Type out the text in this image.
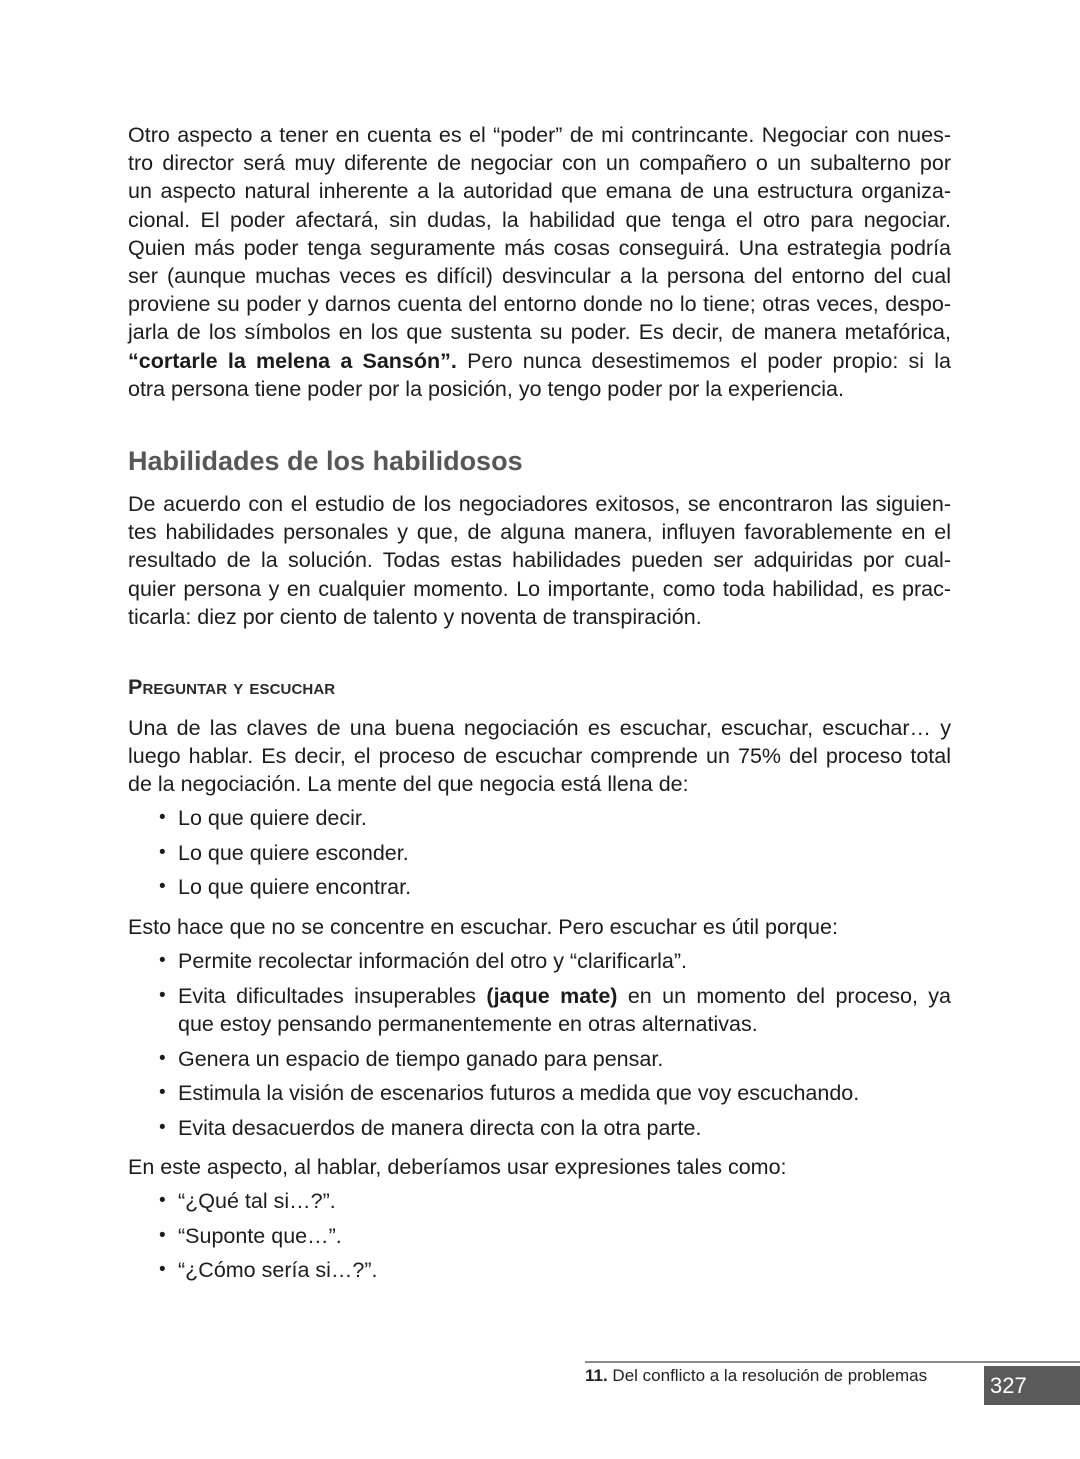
Otro aspecto a tener en cuenta es el “poder” de mi contrincante. Negociar con nues-
tro director será muy diferente de negociar con un compañero o un subalterno por
un aspecto natural inherente a la autoridad que emana de una estructura organiza-
cional. El poder afectará, sin dudas, la habilidad que tenga el otro para negociar.
Quien más poder tenga seguramente más cosas conseguirá. Una estrategia podría
ser (aunque muchas veces es difícil) desvincular a la persona del entorno del cual
proviene su poder y darnos cuenta del entorno donde no lo tiene; otras veces, despo-
jarla de los símbolos en los que sustenta su poder. Es decir, de manera metafórica,
“cortarle la melena a Sansón”. Pero nunca desestimemos el poder propio: si la
otra persona tiene poder por la posición, yo tengo poder por la experiencia.

Habilidades de los habilidosos

De acuerdo con el estudio de los negociadores exitosos, se encontraron las siguien-
tes habilidades personales y que, de alguna manera, influyen favorablemente en el
resultado de la solución. Todas estas habilidades pueden ser adquiridas por cual-
quier persona y en cualquier momento. Lo importante, como toda habilidad, es prac-
ticarla: diez por ciento de talento y noventa de transpiración.

Preguntar y escuchar

Una de las claves de una buena negociación es escuchar, escuchar, escuchar… y
luego hablar. Es decir, el proceso de escuchar comprende un 75% del proceso total
de la negociación. La mente del que negocia está llena de:

• Lo que quiere decir.
• Lo que quiere esconder.
• Lo que quiere encontrar.

Esto hace que no se concentre en escuchar. Pero escuchar es útil porque:

• Permite recolectar información del otro y “clarificarla”.
• Evita dificultades insuperables (jaque mate) en un momento del proceso, ya
que estoy pensando permanentemente en otras alternativas.
• Genera un espacio de tiempo ganado para pensar.
• Estimula la visión de escenarios futuros a medida que voy escuchando.
• Evita desacuerdos de manera directa con la otra parte.

En este aspecto, al hablar, deberíamos usar expresiones tales como:

• “¿Qué tal si…?”.
• “Suponte que…”.
• “¿Cómo sería si…?”.
11. Del conflicto a la resolución de problemas	327
